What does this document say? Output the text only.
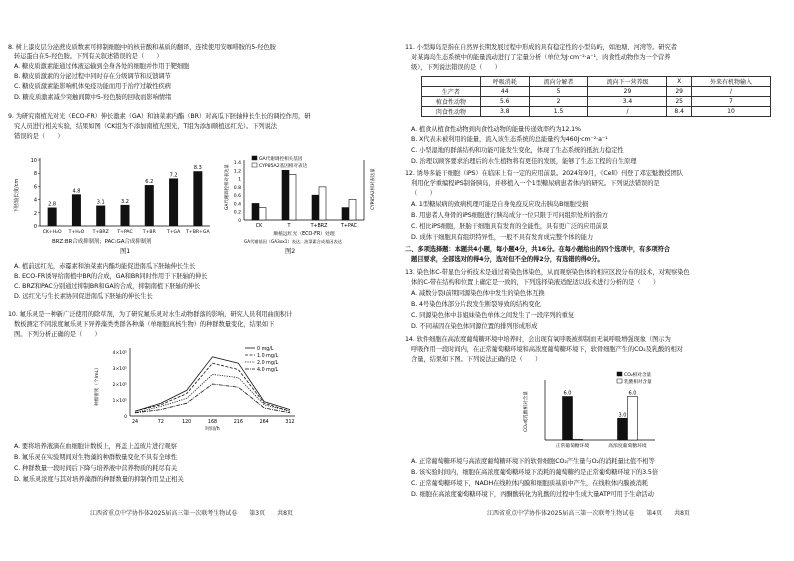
8. 树上漆皮层分泌蔗皮质数素可抑制细胞中的核苷酸和基质的翻译，连续使用安咖啡胺的5-羟色胺
转运蛋白在5-羟色胺。下列有关叙述错误的是（　　）
A. 糖皮质激素能通过体液运输到全身各处的细胞并作用于靶细胞
B. 糖皮质激素的分泌过程中同时存在分级调节和反馈调节
C. 糖皮质激素能影响机体免疫功能而用于治疗过敏性疾病
D. 糖皮质激素减少突触间隙中5-羟色胺的回收而影响情绪
9. 为研究南植光对光（ECO-FR）伸长激素（GA）和油菜素内酯（BR）对高瓜下胚轴伸长生长的调控作用，研
究人员进行相关实验，结果如图（CK组为不添加南植光照光，T组为添加顺植远红光）。下列说法
错误的是（　　）
下胚轴长度/cm
0
2
4
6
8
10
2.8
CK+H₂O
4.8
T+H₂O
3.1
T+BRZ
3.2
T+PAC
6.2
T+BR
7.2
T+GA
8.3
T+BR+GA
图1
BRZ:BR合成抑制剂；PAC:GA合成抑制剂
0
0.2
0.4
0.6
0.8
1
1.2
1.4
GA代谢调控相对表达量	CYP85A2相对表达量
CK	T	T+BRZ	T+PAC
顺植远红光（ECO-FR）处理
GA代谢基因（GA3ox1）表达；油菜素合成基因表达
GA代谢调控相关基因
CYP85A2基因相对表达
图2
A. 植前远红光，赤霉素和油菜素内酯均能促进南瓜下胚轴伸长生长
B. ECO-FR诱导给南植中BR的合成，GA和BR同时作用于下胚轴的伸长
C. BRZ和PAC分别通过抑制BR和GA的合成，抑制南植下胚轴的伸长
D. 远红光与生长素协同促进南瓜下胚轴的伸长生长
10. 氟乐灵是一种新广泛使用的除草剂，为了研究氟乐灵对水生动物群落的影响，研究人员利用曲面积计
数板测定不同浓度氟乐灵下异养藻类类群各种藻（单细胞真核生物）的种群数量变化，结果如下
图。下列分析正确的是（　　）
0
1×10⁵
2×10⁵
3×10⁵
4×10⁵
种群密度（个/mL）
24	72	120	168	216	264	312
时间/h
0 mg/L
1.0 mg/L
2.0 mg/L
4.0 mg/L
A. 要将培养液滴在血细胞计数板上，再盖上盖玻片进行观察
B. 氟乐灵在实验期间对生物藻的种群数量变化不具有全球性
C. 种群数量一段时间后下降与培养液中营养物质的耗尽有关
D. 氟乐灵浓度与其对培养藻群的种群数量的抑制作用呈正相关
江西省重点中学协作体2025届高三第一次联考生物试卷　　第3页　　共8页
11. 小型海岛是指在自然界长期发展过程中形成的具有稳定性的小型岛屿，如池塘、河湾等。研究者
对某海岛生态系统中的能量流动进行了定量分析（单位为J·cm⁻²·a⁻¹，肉食性动物作为一个营养
级），下列说法错误的是（　　）
	呼吸消耗	流向分解者	流向下一营养级	X	外来有机物输入
生产者	44	5	29	29	/
植食性动物	5.6	2	3.4	25	7
肉食性动物	3.8	1.5	/	8.4	10
A. 植食从植食性动物到肉食性动物的能量传递效率约为12.1%
B. X代表未被利用的能量，流入该生态系统的总能量约为460J·cm⁻²·a⁻¹
C. 小型湿地的群落结构和功能可能发生变化，体现了生态系统的抵抗力稳定性
D. 治理以顾客要求治理后的水生植物将有更佳的发展，能够了生态工程的自生原理
12. 诱导多能干细胞（iPS）在临床上有一定的应用前景。2024年9月，《Cell》刊登了邓宏魁教授团队
利用化学重编程iPS制备胰岛，并移植入一个1型糖尿病患者体内的研究。下列说法错误的是
（　　）
A. 1型糖尿病的致病机理可能是自身免疫反应攻击胰岛B细胞受损
B. 用患者人身骨的iPS细胞进行胰岛成分一位只限于可问组织处所的指方
C. 相比iPS细胞，胚胎干细胞具有发育的全能性，具有更广泛的应用前景
D. 成体干细胞具有组织特异性，一般不具有发育成完整个体的能力
二、多项选择题：本题共4小题，每小题4分，共16分。在每小题给出的四个选项中，有多项符合
题目要求，全部选对的得4分，选对但不全的得2分，有选错的得0分。
13. 染色体C-带显色分析技术是通过着染色体染色，从而观察染色体的相应区段分布的技术，对观察染色
体的C-带在结构和位置上确定是一致的，下列选择染液适配适以技术进行分析的是（　　）
A. 减数分裂Ⅰ前期同源染色体中发生的染色体互换
B. 4号染色体部分片段发生断裂导致的结构变化
C. 同源染色体中非姐妹染色单体之间发生了一段序列的重复
D. 不同基因在染色体同源位置的排列形成形成
14. 软件细胞在高浓度葡萄糖环境中培养时，会出现有氧呼吸被抑制而无氧呼吸增强现象（图示为
呼吸作用一段时间内，在正常葡萄糖环境和高浓度葡萄糖环境下，软骨细胞产生的CO₂及乳酸的相对
含量，结果如下图。下列说法正确的是（　　）
CO₂或乳酸相对含量	6.0
正常葡萄糖环境
3.0
6.0
高浓度葡萄糖环境
CO₂相对含量
乳酸相对含量
A. 正常葡萄糖环境与高浓度葡萄糖环境下的软骨细胞CO₂产生量与O₂的消耗量比值不相等
B. 该实验时间内，细胞在高浓度葡萄糖环境下消耗的葡萄糖约是正常葡萄糖环境下的3.5倍
C. 正常葡萄糖环境下，NADH在线粒体内膜和细胞质基质中产生，在线粒体内膜被消耗
D. 细胞在高浓度葡萄糖环境下，丙酮酸转化为乳酸的过程中生成大量ATP可用于生命活动
江西省重点中学协作体2025届高三第一次联考生物试卷　　第4页　　共8页
